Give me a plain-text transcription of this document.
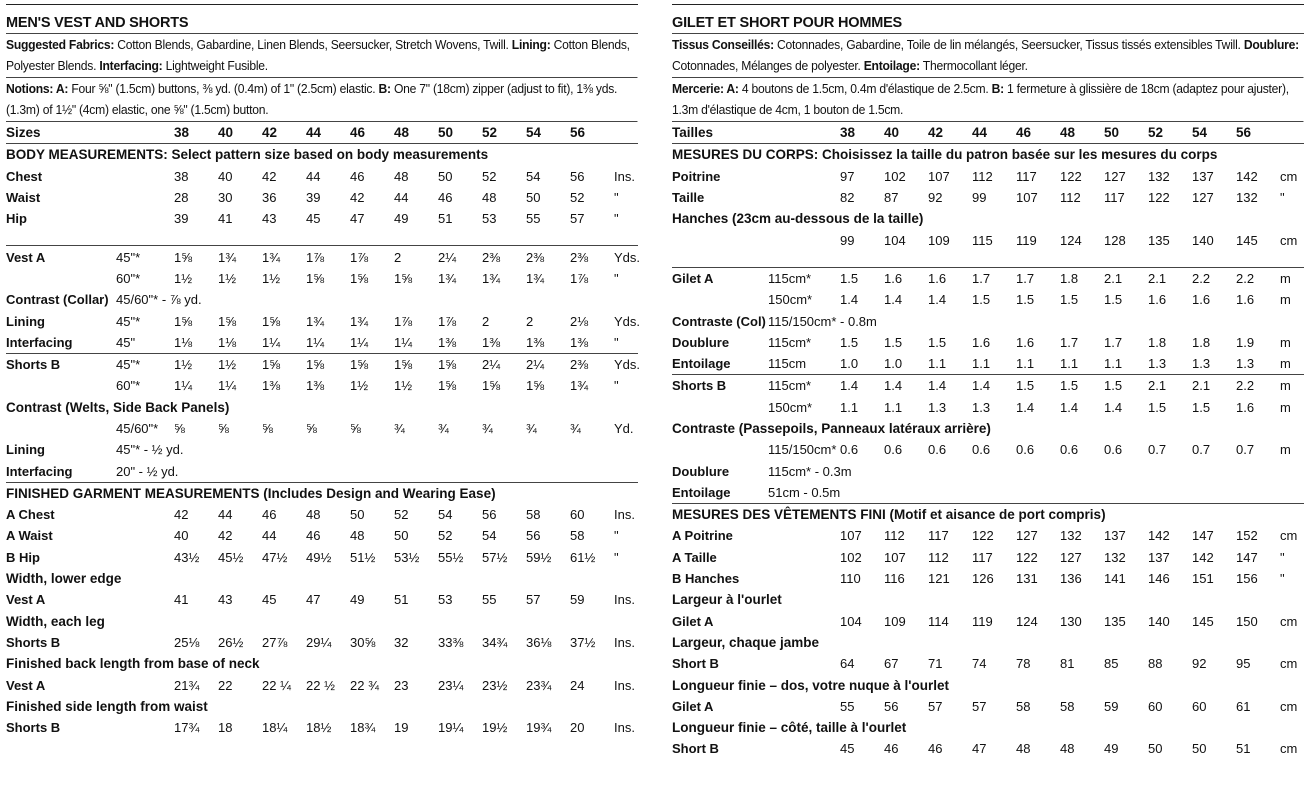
MEN'S VEST AND SHORTS
Suggested Fabrics: Cotton Blends, Gabardine, Linen Blends, Seersucker, Stretch Wovens, Twill. Lining: Cotton Blends, Polyester Blends. Interfacing: Lightweight Fusible.
Notions: A: Four ⅝" (1.5cm) buttons, ⅜ yd. (0.4m) of 1" (2.5cm) elastic. B: One 7" (18cm) zipper (adjust to fit), 1⅜ yds. (1.3m) of 1½" (4cm) elastic, one ⅝" (1.5cm) button.
Sizes		38	40	42	44	46	48	50	52	54	56	
BODY MEASUREMENTS: Select pattern size based on body measurements												
Chest		38	40	42	44	46	48	50	52	54	56	Ins.
Waist		28	30	36	39	42	44	46	48	50	52	"
Hip		39	41	43	45	47	49	51	53	55	57	"

Vest A	45"*	1⅝	1¾	1¾	1⅞	1⅞	2	2¼	2⅜	2⅜	2⅜	Yds.
	60"*	1½	1½	1½	1⅝	1⅝	1⅝	1¾	1¾	1¾	1⅞	"
Contrast (Collar)	45/60"* - ⅞ yd.											
Lining	45"*	1⅝	1⅝	1⅝	1¾	1¾	1⅞	1⅞	2	2	2⅛	Yds.
Interfacing	45"	1⅛	1⅛	1¼	1¼	1¼	1¼	1⅜	1⅜	1⅜	1⅜	"
Shorts B	45"*	1½	1½	1⅝	1⅝	1⅝	1⅝	1⅝	2¼	2¼	2⅜	Yds.
	60"*	1¼	1¼	1⅜	1⅜	1½	1½	1⅝	1⅝	1⅝	1¾	"
Contrast (Welts, Side Back Panels)												
	45/60"*	⅝	⅝	⅝	⅝	⅝	¾	¾	¾	¾	¾	Yd.
Lining	45"* - ½ yd.											
Interfacing	20" - ½ yd.											
FINISHED GARMENT MEASUREMENTS (Includes Design and Wearing Ease)												
A Chest		42	44	46	48	50	52	54	56	58	60	Ins.
A Waist		40	42	44	46	48	50	52	54	56	58	"
B Hip		43½	45½	47½	49½	51½	53½	55½	57½	59½	61½	"
Width, lower edge												
Vest A		41	43	45	47	49	51	53	55	57	59	Ins.
Width, each leg												
Shorts B		25⅛	26½	27⅞	29¼	30⅝	32	33⅜	34¾	36⅛	37½	Ins.
Finished back length from base of neck												
Vest A		21¾	22	22 ¼	22 ½	22 ¾	23	23¼	23½	23¾	24	Ins.
Finished side length from waist												
Shorts B		17¾	18	18¼	18½	18¾	19	19¼	19½	19¾	20	Ins.
GILET ET SHORT POUR HOMMES
Tissus Conseillés: Cotonnades, Gabardine, Toile de lin mélangés, Seersucker, Tissus tissés extensibles Twill. Doublure: Cotonnades, Mélanges de polyester. Entoilage: Thermocollant léger.
Mercerie: A: 4 boutons de 1.5cm, 0.4m d'élastique de 2.5cm. B: 1 fermeture à glissière de 18cm (adaptez pour ajuster), 1.3m d'élastique de 4cm, 1 bouton de 1.5cm.
Tailles		38	40	42	44	46	48	50	52	54	56	
MESURES DU CORPS: Choisissez la taille du patron basée sur les mesures du corps												
Poitrine		97	102	107	112	117	122	127	132	137	142	cm
Taille		82	87	92	99	107	112	117	122	127	132	"
Hanches (23cm au-dessous de la taille)												
		99	104	109	115	119	124	128	135	140	145	cm

Gilet A	115cm*	1.5	1.6	1.6	1.7	1.7	1.8	2.1	2.1	2.2	2.2	m
	150cm*	1.4	1.4	1.4	1.5	1.5	1.5	1.5	1.6	1.6	1.6	m
Contraste (Col)	115/150cm* - 0.8m											
Doublure	115cm*	1.5	1.5	1.5	1.6	1.6	1.7	1.7	1.8	1.8	1.9	m
Entoilage	115cm	1.0	1.0	1.1	1.1	1.1	1.1	1.1	1.3	1.3	1.3	m
Shorts B	115cm*	1.4	1.4	1.4	1.4	1.5	1.5	1.5	2.1	2.1	2.2	m
	150cm*	1.1	1.1	1.3	1.3	1.4	1.4	1.4	1.5	1.5	1.6	m
Contraste (Passepoils, Panneaux latéraux arrière)												
	115/150cm*	0.6	0.6	0.6	0.6	0.6	0.6	0.6	0.7	0.7	0.7	m
Doublure	115cm* - 0.3m											
Entoilage	51cm - 0.5m											
MESURES DES VÊTEMENTS FINI (Motif et aisance de port compris)												
A Poitrine		107	112	117	122	127	132	137	142	147	152	cm
A Taille		102	107	112	117	122	127	132	137	142	147	"
B Hanches		110	116	121	126	131	136	141	146	151	156	"
Largeur à l'ourlet												
Gilet A		104	109	114	119	124	130	135	140	145	150	cm
Largeur, chaque jambe												
Short B		64	67	71	74	78	81	85	88	92	95	cm
Longueur finie – dos, votre nuque à l'ourlet												
Gilet A		55	56	57	57	58	58	59	60	60	61	cm
Longueur finie – côté, taille à l'ourlet												
Short B		45	46	46	47	48	48	49	50	50	51	cm
